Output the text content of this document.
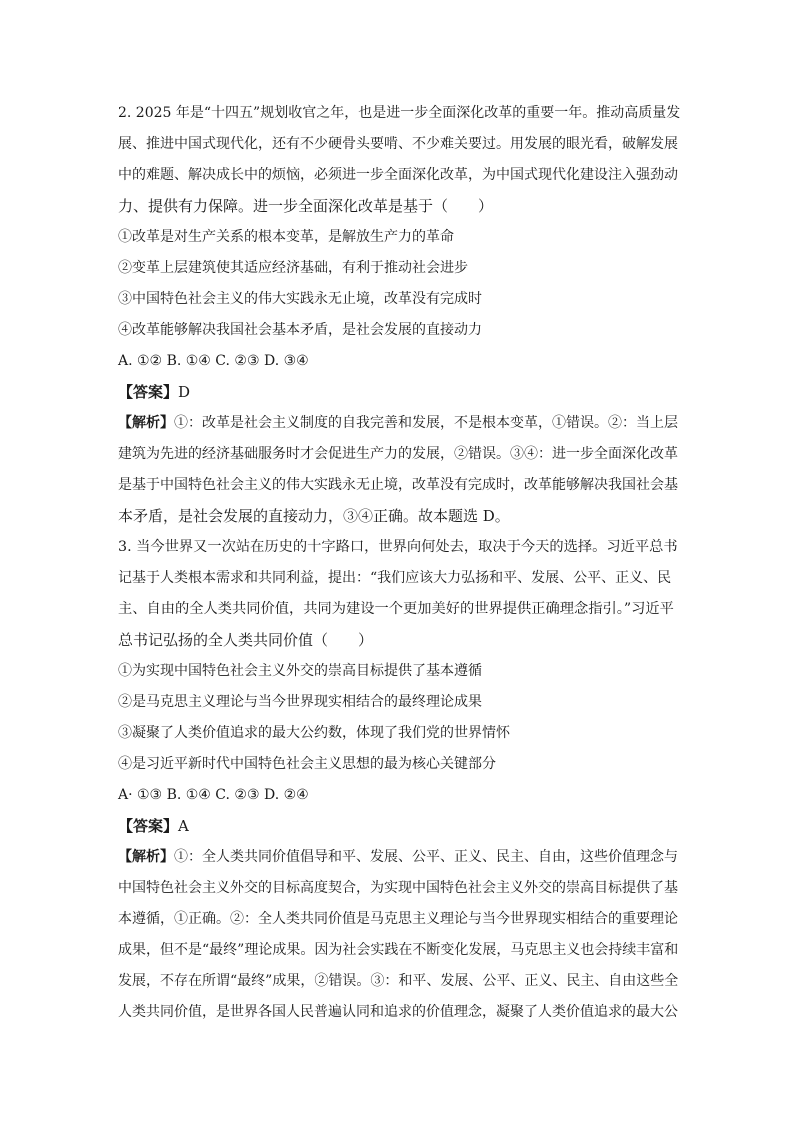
2. 2025 年是“十四五”规划收官之年，也是进一步全面深化改革的重要一年。推动高质量发
展、推进中国式现代化，还有不少硬骨头要啃、不少难关要过。用发展的眼光看，破解发展
中的难题、解决成长中的烦恼，必须进一步全面深化改革，为中国式现代化建设注入强劲动
力、提供有力保障。进一步全面深化改革是基于（　　）
①改革是对生产关系的根本变革，是解放生产力的革命
②变革上层建筑使其适应经济基础，有利于推动社会进步
③中国特色社会主义的伟大实践永无止境，改革没有完成时
④改革能够解决我国社会基本矛盾，是社会发展的直接动力
A. ①② B. ①④ C. ②③ D. ③④
【答案】D
【解析】①：改革是社会主义制度的自我完善和发展，不是根本变革，①错误。②：当上层
建筑为先进的经济基础服务时才会促进生产力的发展，②错误。③④：进一步全面深化改革
是基于中国特色社会主义的伟大实践永无止境，改革没有完成时，改革能够解决我国社会基
本矛盾，是社会发展的直接动力，③④正确。故本题选 D。
3. 当今世界又一次站在历史的十字路口，世界向何处去，取决于今天的选择。习近平总书
记基于人类根本需求和共同利益，提出：“我们应该大力弘扬和平、发展、公平、正义、民
主、自由的全人类共同价值，共同为建设一个更加美好的世界提供正确理念指引。”习近平
总书记弘扬的全人类共同价值（　　）
①为实现中国特色社会主义外交的崇高目标提供了基本遵循
②是马克思主义理论与当今世界现实相结合的最终理论成果
③凝聚了人类价值追求的最大公约数，体现了我们党的世界情怀
④是习近平新时代中国特色社会主义思想的最为核心关键部分
A· ①③ B. ①④ C. ②③ D. ②④
【答案】A
【解析】①：全人类共同价值倡导和平、发展、公平、正义、民主、自由，这些价值理念与
中国特色社会主义外交的目标高度契合，为实现中国特色社会主义外交的崇高目标提供了基
本遵循，①正确。②：全人类共同价值是马克思主义理论与当今世界现实相结合的重要理论
成果，但不是“最终”理论成果。因为社会实践在不断变化发展，马克思主义也会持续丰富和
发展，不存在所谓“最终”成果，②错误。③：和平、发展、公平、正义、民主、自由这些全
人类共同价值，是世界各国人民普遍认同和追求的价值理念，凝聚了人类价值追求的最大公
